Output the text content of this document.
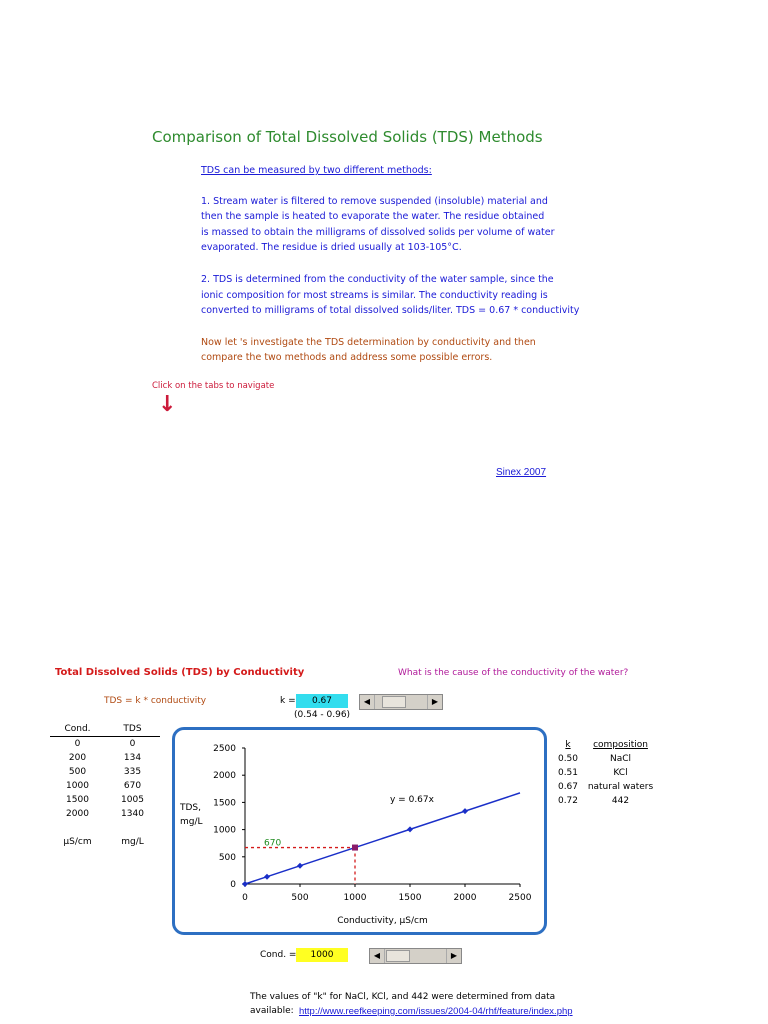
Comparison of Total Dissolved Solids (TDS) Methods
TDS can be measured by two different methods:
1. Stream water is filtered to remove suspended (insoluble) material and
then the sample is heated to evaporate the water. The residue obtained
is massed to obtain the milligrams of dissolved solids per volume of water
evaporated. The residue is dried usually at 103-105°C.
2. TDS is determined from the conductivity of the water sample, since the
ionic composition for most streams is similar. The conductivity reading is
converted to milligrams of total dissolved solids/liter. TDS = 0.67 * conductivity
Now let 's investigate the TDS determination by conductivity and then
compare the two methods and address some possible errors.
Click on the tabs to navigate
↓
Sinex 2007
Total Dissolved Solids (TDS) by Conductivity	What is the cause of the conductivity of the water?
TDS = k * conductivity	k =	0.67
(0.54 - 0.96)
◀	▶
Cond.	TDS
0	0
200	134
500	335
1000	670
1500	1005
2000	1340

µS/cm	mg/L
k	composition
0.50	NaCl
0.51	KCl
0.67	natural waters
0.72	442
0	500	1000	1500	2000	2500
0
500
1000
1500
2000
2500
Conductivity, µS/cm
TDS,
mg/L
670
y = 0.67x
Cond. =	1000	◀	▶
The values of "k" for NaCl, KCl, and 442 were determined from data
available: http://www.reefkeeping.com/issues/2004-04/rhf/feature/index.php
